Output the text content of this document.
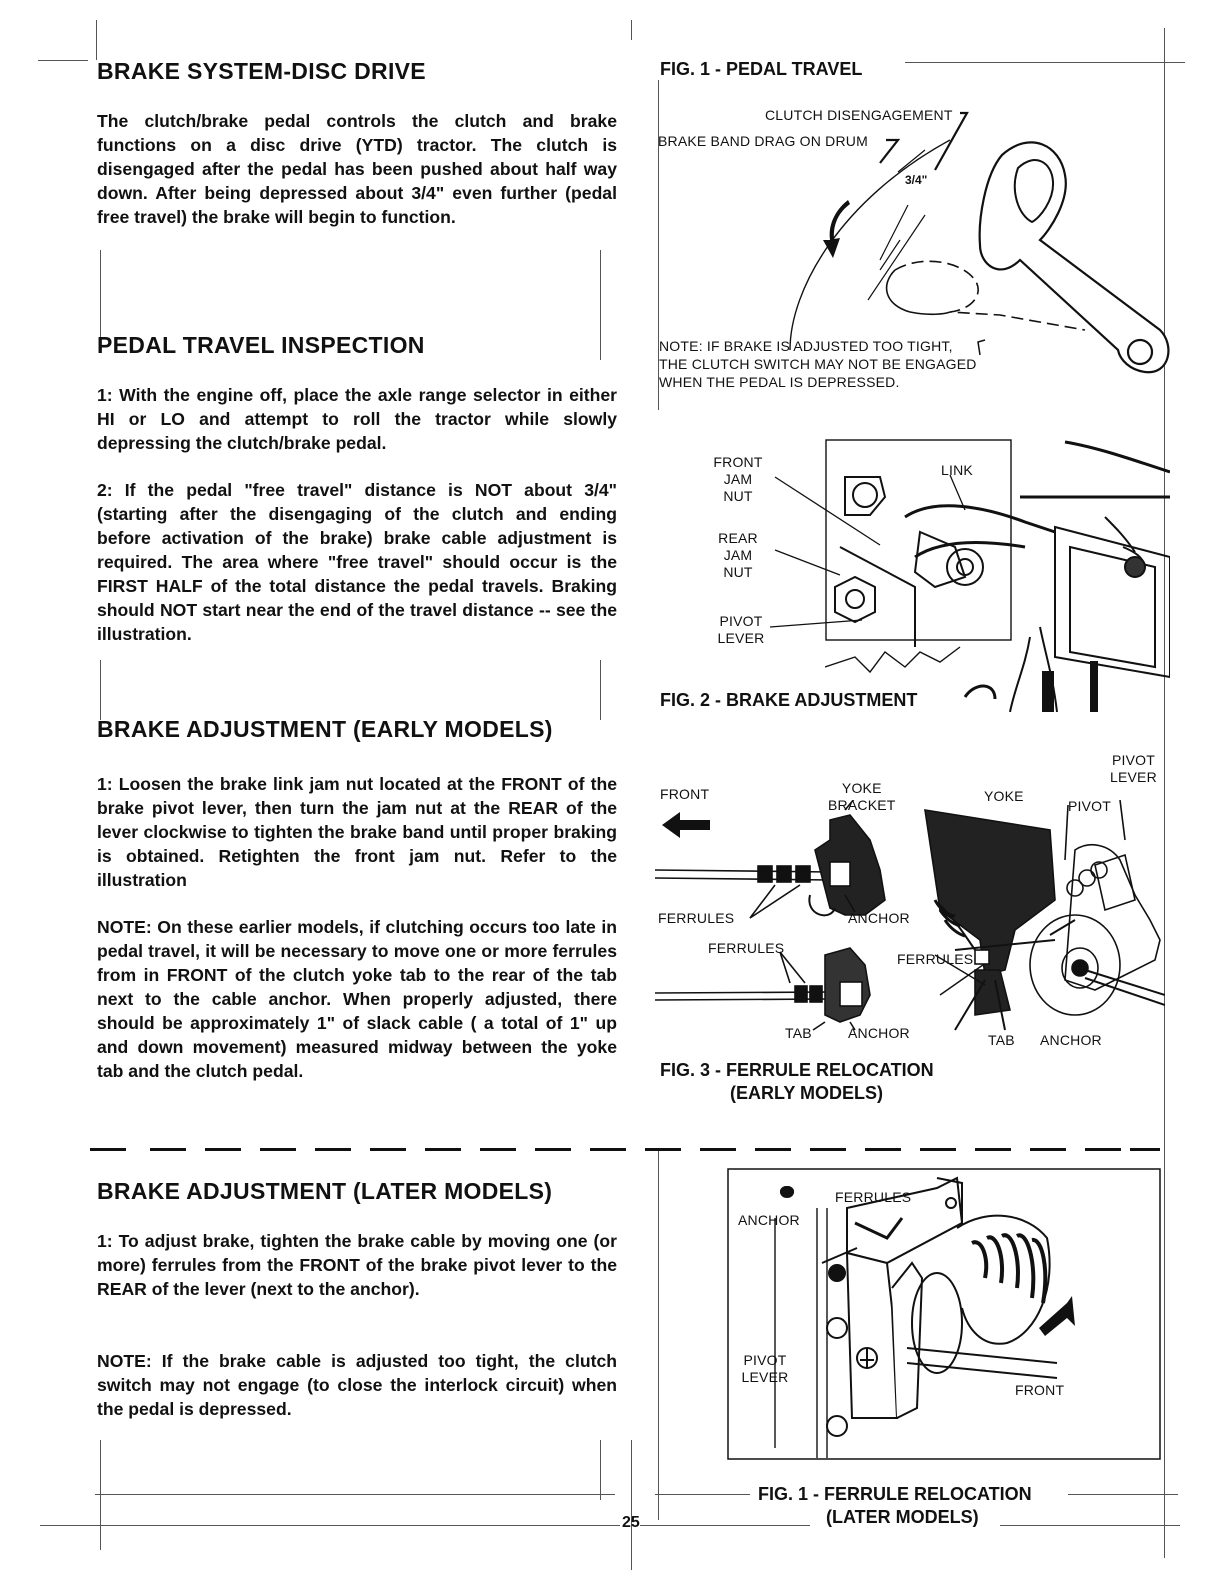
BRAKE SYSTEM-DISC DRIVE

The clutch/brake pedal controls the clutch and brake functions on a disc drive (YTD) tractor. The clutch is disengaged after the pedal has been pushed about half way down. After being depressed about 3/4" even further (pedal free travel) the brake will begin to function.

PEDAL TRAVEL INSPECTION

1: With the engine off, place the axle range selector in either HI or LO and attempt to roll the tractor while slowly depressing the clutch/brake pedal.

2: If the pedal "free travel" distance is NOT about 3/4" (starting after the disengaging of the clutch and ending before activation of the brake) brake cable adjustment is required. The area where "free travel" should occur is the FIRST HALF of the total distance the pedal travels. Braking should NOT start near the end of the travel distance -- see the illustration.

BRAKE ADJUSTMENT (EARLY MODELS)

1: Loosen the brake link jam nut located at the FRONT of the brake pivot lever, then turn the jam nut at the REAR of the lever clockwise to tighten the brake band until proper braking is obtained. Retighten the front jam nut. Refer to the illustration

NOTE: On these earlier models, if clutching occurs too late in pedal travel, it will be necessary to move one or more ferrules from in FRONT of the clutch yoke tab to the rear of the tab next to the cable anchor. When properly adjusted, there should be approximately 1" of slack cable ( a total of 1" up and down movement) measured midway between the yoke tab and the clutch pedal.

BRAKE ADJUSTMENT (LATER MODELS)

1: To adjust brake, tighten the brake cable by moving one (or more) ferrules from the FRONT of the brake pivot lever to the REAR of the lever (next to the anchor).

NOTE: If the brake cable is adjusted too tight, the clutch switch may not engage (to close the interlock circuit) when the pedal is depressed.

FIG. 1 - PEDAL TRAVEL
CLUTCH DISENGAGEMENT
BRAKE BAND DRAG ON DRUM
3/4"
NOTE: IF BRAKE IS ADJUSTED TOO TIGHT,
THE CLUTCH SWITCH MAY NOT BE ENGAGED
WHEN THE PEDAL IS DEPRESSED.
FRONT
JAM NUT
REAR
JAM NUT
PIVOT
LEVER
LINK
FIG. 2 - BRAKE ADJUSTMENT
FRONT	YOKE
BRACKET
YOKE
PIVOT
LEVER
PIVOT
FERRULES	ANCHOR
FERRULES
FERRULES
TAB	ANCHOR	TAB ANCHOR
FIG. 3 - FERRULE RELOCATION
(EARLY MODELS)
FERRULES
ANCHOR
PIVOT
LEVER
FRONT
FIG. 1 - FERRULE RELOCATION
(LATER MODELS)
25
